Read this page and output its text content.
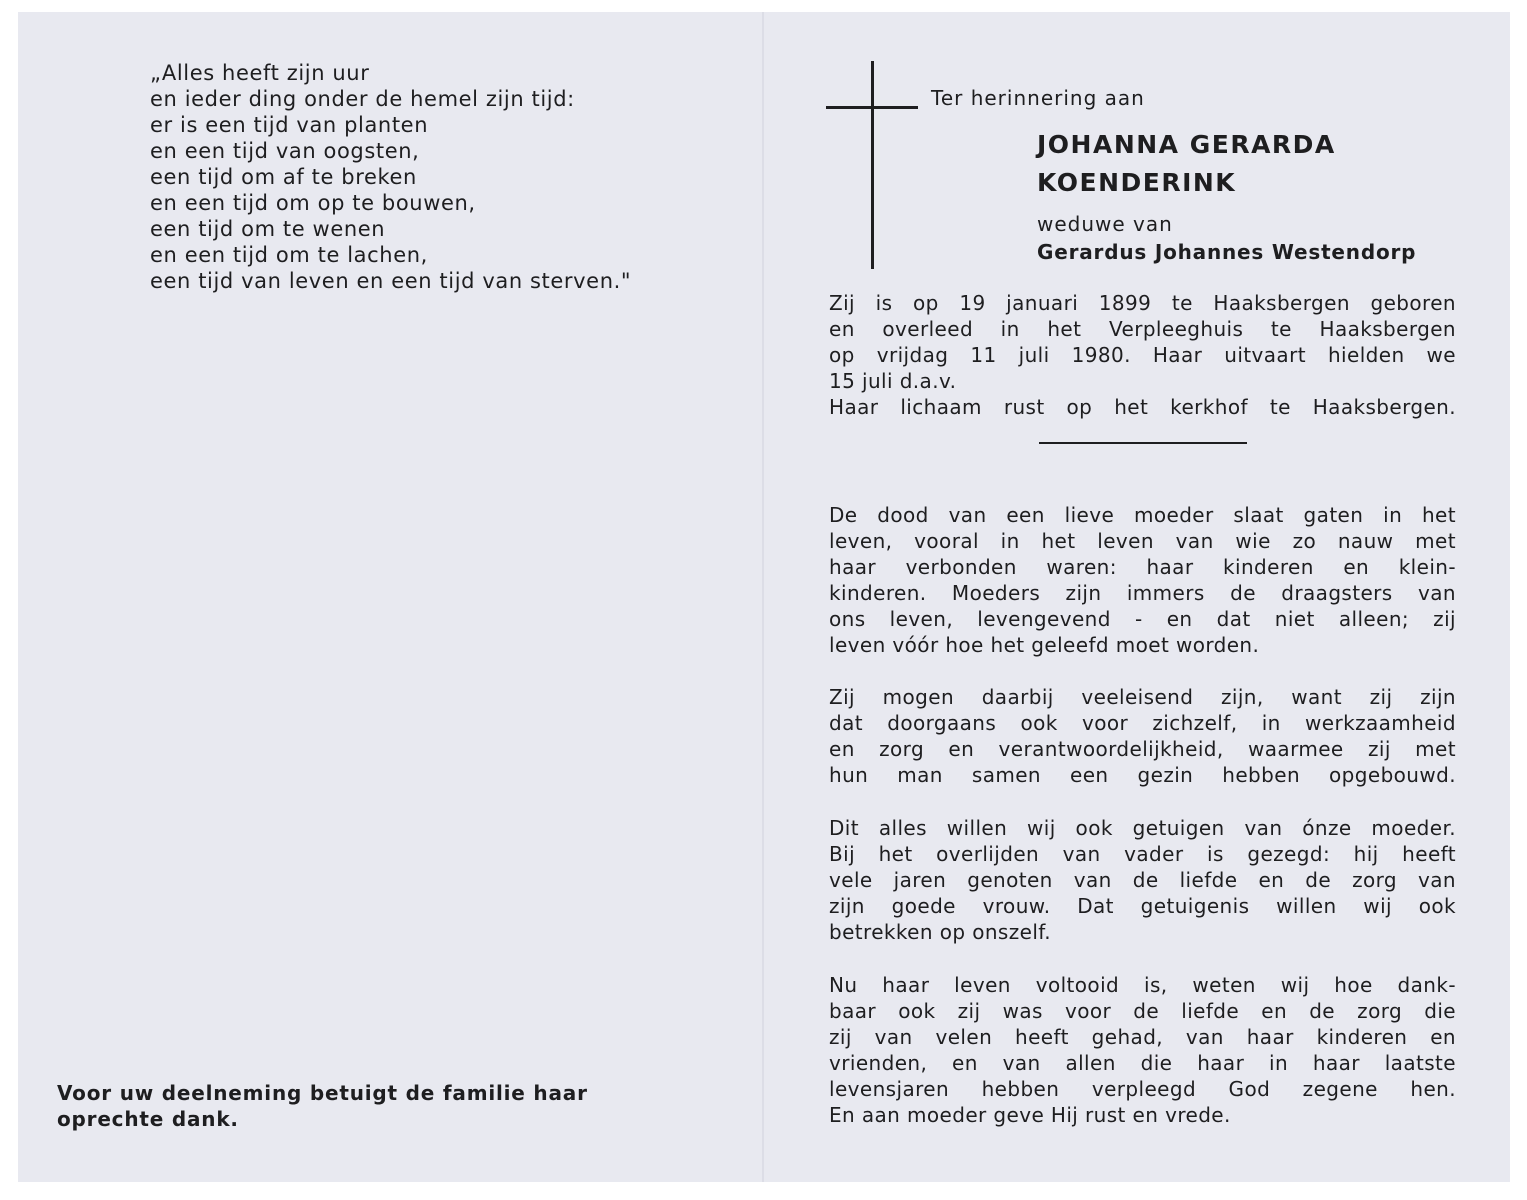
„Alles heeft zijn uur
en ieder ding onder de hemel zijn tijd:
er is een tijd van planten
en een tijd van oogsten,
een tijd om af te breken
en een tijd om op te bouwen,
een tijd om te wenen
en een tijd om te lachen,
een tijd van leven en een tijd van sterven."
Voor uw deelneming betuigt de familie haar
oprechte dank.
Ter herinnering aan
JOHANNA GERARDA
KOENDERINK
weduwe van
Gerardus Johannes Westendorp
Zij is op 19 januari 1899 te Haaksbergen geboren
en overleed in het Verpleeghuis te Haaksbergen
op vrijdag 11 juli 1980. Haar uitvaart hielden we
15 juli d.a.v.
Haar lichaam rust op het kerkhof te Haaksbergen.
De dood van een lieve moeder slaat gaten in het
leven, vooral in het leven van wie zo nauw met
haar verbonden waren: haar kinderen en klein-
kinderen. Moeders zijn immers de draagsters van
ons leven, levengevend - en dat niet alleen; zij
leven vóór hoe het geleefd moet worden.
Zij mogen daarbij veeleisend zijn, want zij zijn
dat doorgaans ook voor zichzelf, in werkzaamheid
en zorg en verantwoordelijkheid, waarmee zij met
hun man samen een gezin hebben opgebouwd.
Dit alles willen wij ook getuigen van ónze moeder.
Bij het overlijden van vader is gezegd: hij heeft
vele jaren genoten van de liefde en de zorg van
zijn goede vrouw. Dat getuigenis willen wij ook
betrekken op onszelf.
Nu haar leven voltooid is, weten wij hoe dank-
baar ook zij was voor de liefde en de zorg die
zij van velen heeft gehad, van haar kinderen en
vrienden, en van allen die haar in haar laatste
levensjaren hebben verpleegd God zegene hen.
En aan moeder geve Hij rust en vrede.
